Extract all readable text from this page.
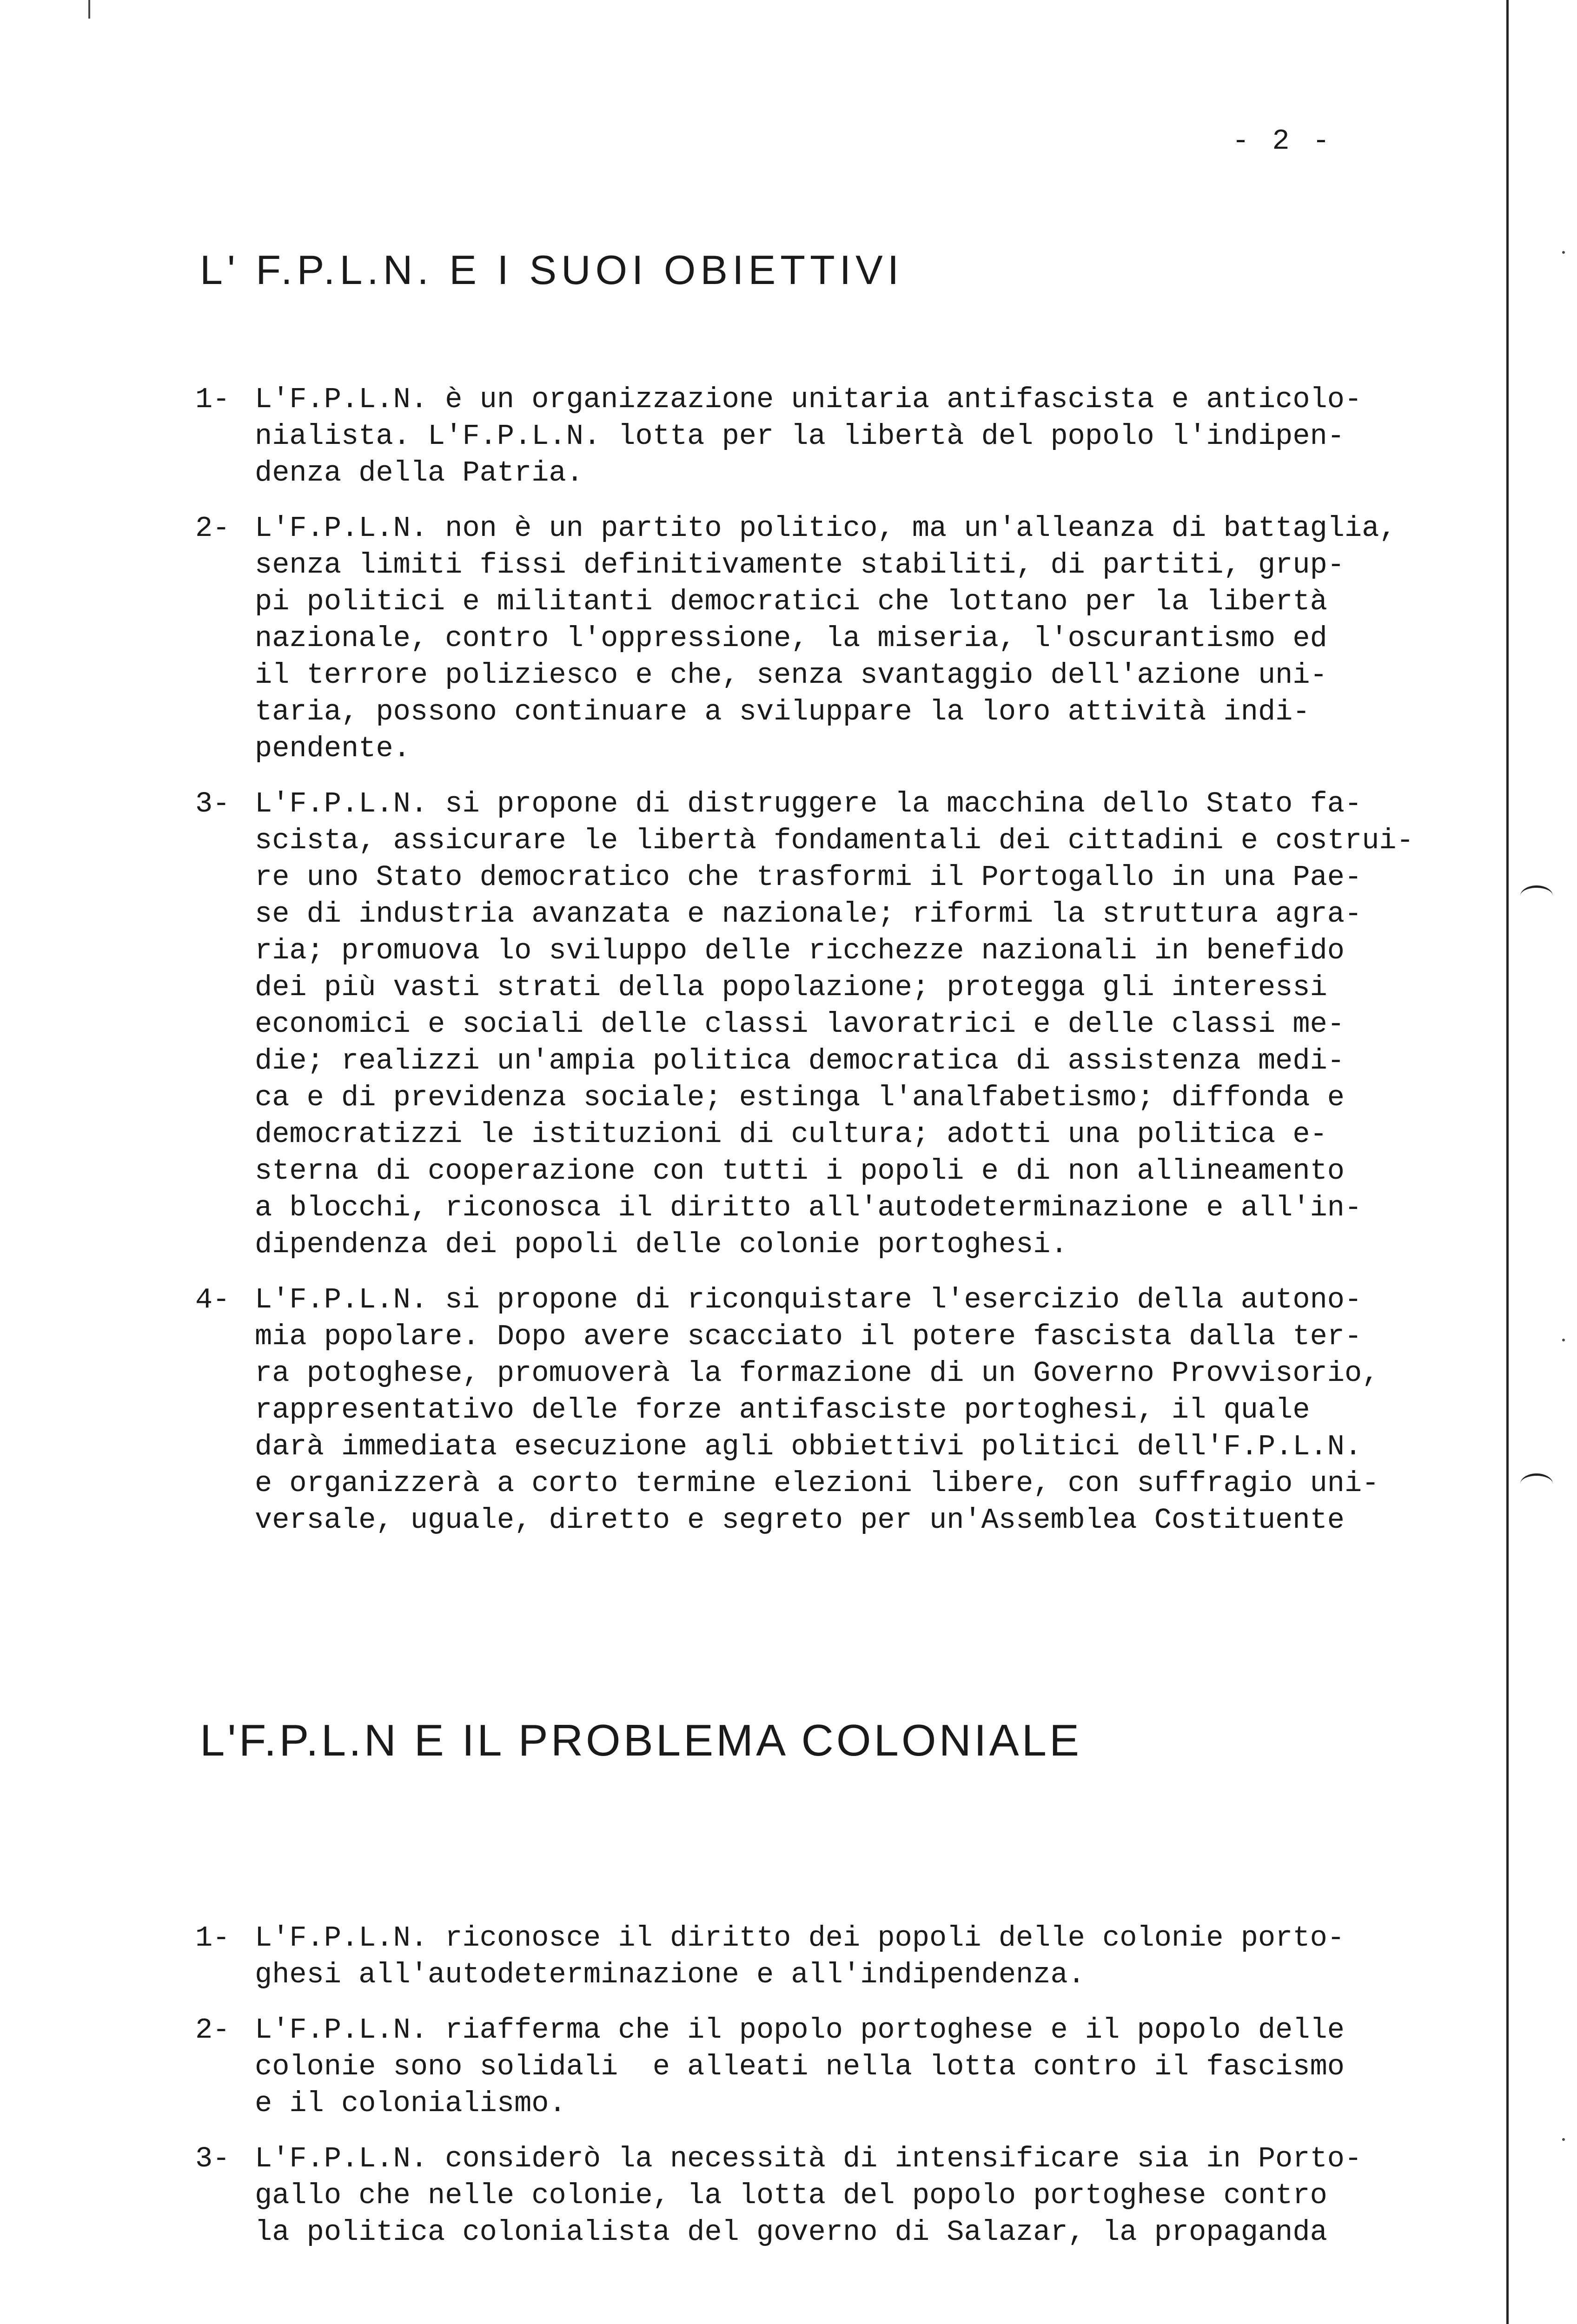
- 2 -
L' F.P.L.N. E I SUOI OBIETTIVI
1- L'F.P.L.N. è un organizzazione unitaria antifascista e anticolo-
nialista. L'F.P.L.N. lotta per la libertà del popolo l'indipen-
denza della Patria.
2- L'F.P.L.N. non è un partito politico, ma un'alleanza di battaglia,
senza limiti fissi definitivamente stabiliti, di partiti, grup-
pi politici e militanti democratici che lottano per la libertà
nazionale, contro l'oppressione, la miseria, l'oscurantismo ed
il terrore poliziesco e che, senza svantaggio dell'azione uni-
taria, possono continuare a sviluppare la loro attività indi-
pendente.
3- L'F.P.L.N. si propone di distruggere la macchina dello Stato fa-
scista, assicurare le libertà fondamentali dei cittadini e costrui-
re uno Stato democratico che trasformi il Portogallo in una Pae-
se di industria avanzata e nazionale; riformi la struttura agra-
ria; promuova lo sviluppo delle ricchezze nazionali in benefido
dei più vasti strati della popolazione; protegga gli interessi
economici e sociali delle classi lavoratrici e delle classi me-
die; realizzi un'ampia politica democratica di assistenza medi-
ca e di previdenza sociale; estinga l'analfabetismo; diffonda e
democratizzi le istituzioni di cultura; adotti una politica e-
sterna di cooperazione con tutti i popoli e di non allineamento
a blocchi, riconosca il diritto all'autodeterminazione e all'in-
dipendenza dei popoli delle colonie portoghesi.
4- L'F.P.L.N. si propone di riconquistare l'esercizio della autono-
mia popolare. Dopo avere scacciato il potere fascista dalla ter-
ra potoghese, promuoverà la formazione di un Governo Provvisorio,
rappresentativo delle forze antifasciste portoghesi, il quale
darà immediata esecuzione agli obbiettivi politici dell'F.P.L.N.
e organizzerà a corto termine elezioni libere, con suffragio uni-
versale, uguale, diretto e segreto per un'Assemblea Costituente
L'F.P.L.N E IL PROBLEMA COLONIALE
1- L'F.P.L.N. riconosce il diritto dei popoli delle colonie porto-
ghesi all'autodeterminazione e all'indipendenza.
2- L'F.P.L.N. riafferma che il popolo portoghese e il popolo delle
colonie sono solidali  e alleati nella lotta contro il fascismo
e il colonialismo.
3- L'F.P.L.N. considerò la necessità di intensificare sia in Porto-
gallo che nelle colonie, la lotta del popolo portoghese contro
la politica colonialista del governo di Salazar, la propaganda
